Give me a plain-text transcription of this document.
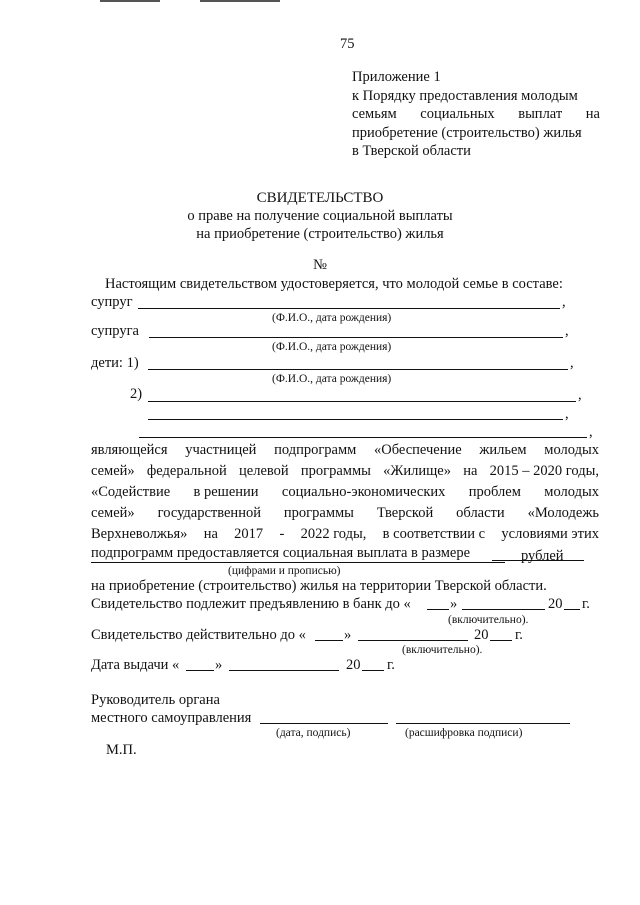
75
Приложение 1
к Порядку предоставления молодым
семьям социальных выплат на
приобретение (строительство) жилья
в Тверской области
СВИДЕТЕЛЬСТВО
о праве на получение социальной выплаты
на приобретение (строительство) жилья
№
Настоящим свидетельством удостоверяется, что молодой семье в составе:
супруг	,
(Ф.И.О., дата рождения)
супруга	,
(Ф.И.О., дата рождения)
дети: 1)	,
(Ф.И.О., дата рождения)
2)	,
,
,
являющейся участницей подпрограмм «Обеспечение жильем молодых
семей» федеральной целевой программы «Жилище» на 2015 – 2020 годы,
«Содействие в решении социально-экономических проблем молодых
семей» государственной программы Тверской области «Молодежь
Верхневолжья» на 2017 - 2022 годы, в соответствии с условиями этих
подпрограмм предоставляется социальная выплата в размере	рублей
(цифрами и прописью)
на приобретение (строительство) жилья на территории Тверской области.
Свидетельство подлежит предъявлению в банк до «	»	20 г.
(включительно).
Свидетельство действительно до «	»	20 г.
(включительно).
Дата выдачи « »	20 г.
Руководитель органа
местного самоуправления
(дата, подпись)	(расшифровка подписи)
М.П.
